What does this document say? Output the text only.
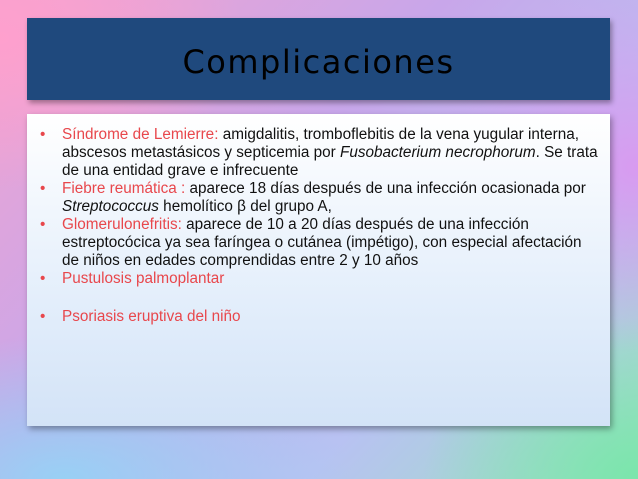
Complicaciones
• Síndrome de Lemierre: amigdalitis, tromboflebitis de la vena yugular interna, abscesos metastásicos y septicemia por Fusobacterium necrophorum. Se trata de una entidad grave e infrecuente
• Fiebre reumática : aparece 18 días después de una infección ocasionada por Streptococcus hemolítico β del grupo A,
• Glomerulonefritis: aparece de 10 a 20 días después de una infección estreptocócica ya sea faríngea o cutánea (impétigo), con especial afectación de niños en edades comprendidas entre 2 y 10 años
• Pustulosis palmoplantar
• Psoriasis eruptiva del niño
